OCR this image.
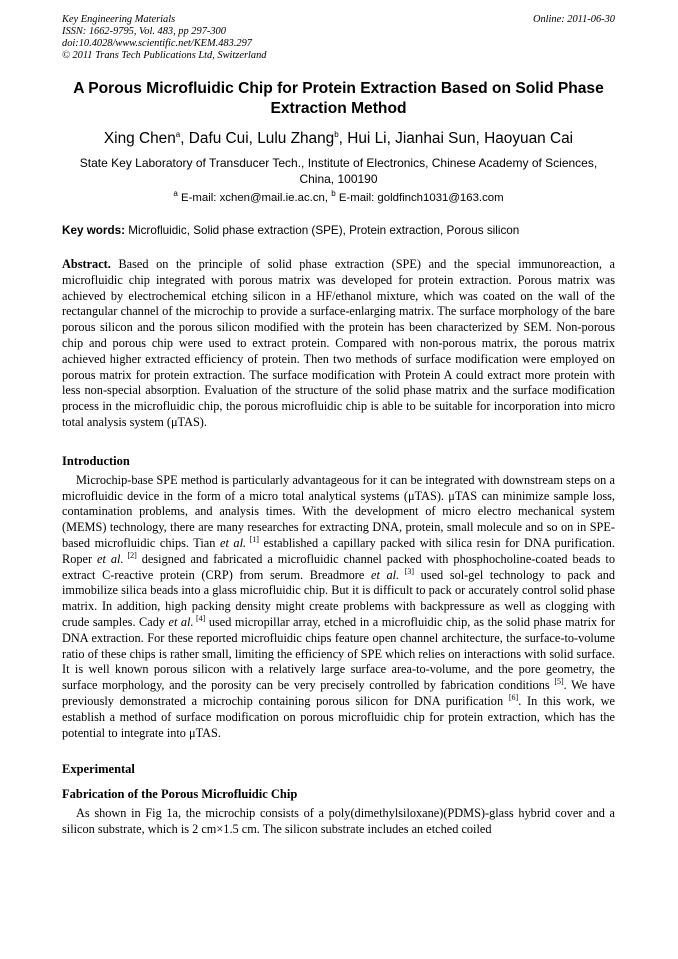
Key Engineering Materials
ISSN: 1662-9795, Vol. 483, pp 297-300
doi:10.4028/www.scientific.net/KEM.483.297
© 2011 Trans Tech Publications Ltd, Switzerland
Online: 2011-06-30
A Porous Microfluidic Chip for Protein Extraction Based on Solid Phase Extraction Method
Xing Chen$^a$, Dafu Cui, Lulu Zhang$^b$, Hui Li, Jianhai Sun, Haoyuan Cai
State Key Laboratory of Transducer Tech., Institute of Electronics, Chinese Academy of Sciences, China, 100190
$^a$ E-mail: xchen@mail.ie.ac.cn, $^b$ E-mail: goldfinch1031@163.com
Key words: Microfluidic, Solid phase extraction (SPE), Protein extraction, Porous silicon

Abstract. Based on the principle of solid phase extraction (SPE) and the special immunoreaction, a microfluidic chip integrated with porous matrix was developed for protein extraction. Porous matrix was achieved by electrochemical etching silicon in a HF/ethanol mixture, which was coated on the wall of the rectangular channel of the microchip to provide a surface-enlarging matrix. The surface morphology of the bare porous silicon and the porous silicon modified with the protein has been characterized by SEM. Non-porous chip and porous chip were used to extract protein. Compared with non-porous matrix, the porous matrix achieved higher extracted efficiency of protein. Then two methods of surface modification were employed on porous matrix for protein extraction. The surface modification with Protein A could extract more protein with less non-special absorption. Evaluation of the structure of the solid phase matrix and the surface modification process in the microfluidic chip, the porous microfluidic chip is able to be suitable for incorporation into micro total analysis system (μTAS).

Introduction

Microchip-base SPE method is particularly advantageous for it can be integrated with downstream steps on a microfluidic device in the form of a micro total analytical systems (μTAS). μTAS can minimize sample loss, contamination problems, and analysis times. With the development of micro electro mechanical system (MEMS) technology, there are many researches for extracting DNA, protein, small molecule and so on in SPE-based microfluidic chips. Tian et al. [1] established a capillary packed with silica resin for DNA purification. Roper et al. [2] designed and fabricated a microfluidic channel packed with phosphocholine-coated beads to extract C-reactive protein (CRP) from serum. Breadmore et al. [3] used sol-gel technology to pack and immobilize silica beads into a glass microfluidic chip. But it is difficult to pack or accurately control solid phase matrix. In addition, high packing density might create problems with backpressure as well as clogging with crude samples. Cady et al. [4] used micropillar array, etched in a microfluidic chip, as the solid phase matrix for DNA extraction. For these reported microfluidic chips feature open channel architecture, the surface-to-volume ratio of these chips is rather small, limiting the efficiency of SPE which relies on interactions with solid surface. It is well known porous silicon with a relatively large surface area-to-volume, and the pore geometry, the surface morphology, and the porosity can be very precisely controlled by fabrication conditions [5]. We have previously demonstrated a microchip containing porous silicon for DNA purification [6]. In this work, we establish a method of surface modification on porous microfluidic chip for protein extraction, which has the potential to integrate into μTAS.

Experimental
Fabrication of the Porous Microfluidic Chip

As shown in Fig 1a, the microchip consists of a poly(dimethylsiloxane)(PDMS)-glass hybrid cover and a silicon substrate, which is 2 cm×1.5 cm. The silicon substrate includes an etched coiled
